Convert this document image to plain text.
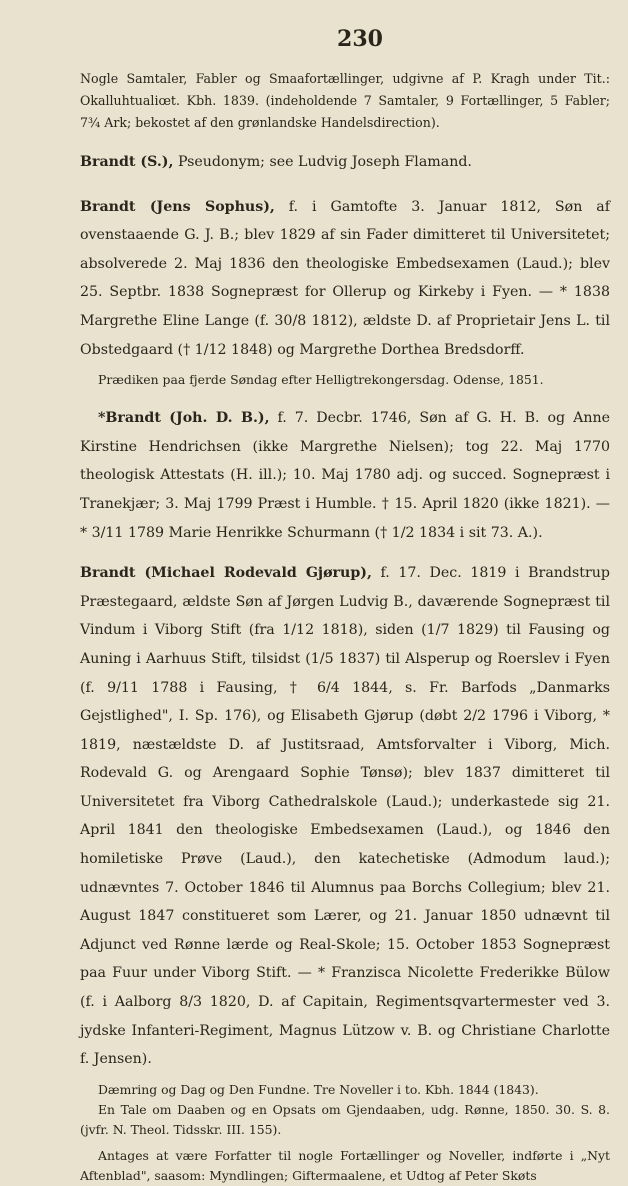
230

Nogle Samtaler, Fabler og Smaafortællinger, udgivne af P. Kragh under Tit.: Okalluhtualiœt. Kbh. 1839. (indeholdende 7 Samtaler, 9 Fortællinger, 5 Fabler; 7¾ Ark; bekostet af den grønlandske Handelsdirection).

Brandt (S.), Pseudonym; see Ludvig Joseph Flamand.

Brandt (Jens Sophus), f. i Gamtofte 3. Januar 1812, Søn af ovenstaaende G. J. B.; blev 1829 af sin Fader dimitteret til Universitetet; absolverede 2. Maj 1836 den theologiske Embedsexamen (Laud.); blev 25. Septbr. 1838 Sognepræst for Ollerup og Kirkeby i Fyen. — * 1838 Margrethe Eline Lange (f. 30/8 1812), ældste D. af Proprietair Jens L. til Obstedgaard († 1/12 1848) og Margrethe Dorthea Bredsdorff.

Prædiken paa fjerde Søndag efter Helligtrekongersdag. Odense, 1851.

*Brandt (Joh. D. B.), f. 7. Decbr. 1746, Søn af G. H. B. og Anne Kirstine Hendrichsen (ikke Margrethe Nielsen); tog 22. Maj 1770 theologisk Attestats (H. ill.); 10. Maj 1780 adj. og succed. Sognepræst i Tranekjær; 3. Maj 1799 Præst i Humble. † 15. April 1820 (ikke 1821). — * 3/11 1789 Marie Henrikke Schurmann († 1/2 1834 i sit 73. A.).

Brandt (Michael Rodevald Gjørup), f. 17. Dec. 1819 i Brandstrup Præstegaard, ældste Søn af Jørgen Ludvig B., daværende Sognepræst til Vindum i Viborg Stift (fra 1/12 1818), siden (1/7 1829) til Fausing og Auning i Aarhuus Stift, tilsidst (1/5 1837) til Alsperup og Roerslev i Fyen (f. 9/11 1788 i Fausing, † 6/4 1844, s. Fr. Barfods „Danmarks Gejstlighed", I. Sp. 176), og Elisabeth Gjørup (døbt 2/2 1796 i Viborg, * 1819, næstældste D. af Justitsraad, Amtsforvalter i Viborg, Mich. Rodevald G. og Arengaard Sophie Tønsø); blev 1837 dimitteret til Universitetet fra Viborg Cathedralskole (Laud.); underkastede sig 21. April 1841 den theologiske Embedsexamen (Laud.), og 1846 den homiletiske Prøve (Laud.), den katechetiske (Admodum laud.); udnævntes 7. October 1846 til Alumnus paa Borchs Collegium; blev 21. August 1847 constitueret som Lærer, og 21. Januar 1850 udnævnt til Adjunct ved Rønne lærde og Real-Skole; 15. October 1853 Sognepræst paa Fuur under Viborg Stift. — * Franzisca Nicolette Frederikke Bülow (f. i Aalborg 8/3 1820, D. af Capitain, Regimentsqvartermester ved 3. jydske Infanteri-Regiment, Magnus Lützow v. B. og Christiane Charlotte f. Jensen).

Dæmring og Dag og Den Fundne. Tre Noveller i to. Kbh. 1844 (1843).

En Tale om Daaben og en Opsats om Gjendaaben, udg. Rønne, 1850. 30. S. 8. (jvfr. N. Theol. Tidsskr. III. 155).

Antages at være Forfatter til nogle Fortællinger og Noveller, indførte i „Nyt Aftenblad", saasom: Myndlingen; Giftermaalene, et Udtog af Peter Skøts
